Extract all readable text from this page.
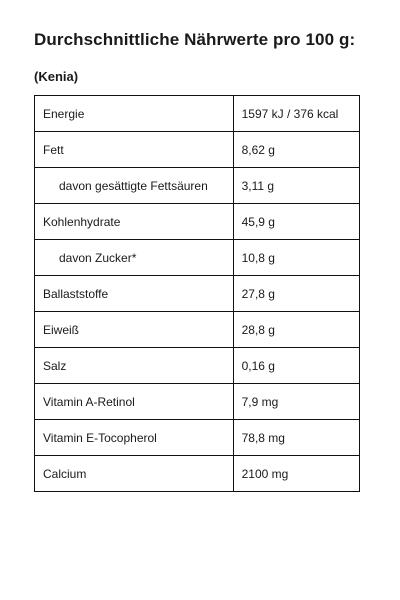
Durchschnittliche Nährwerte pro 100 g:
(Kenia)
Energie	1597 kJ / 376 kcal
Fett	8,62 g
davon gesättigte Fettsäuren	3,11 g
Kohlenhydrate	45,9 g
davon Zucker*	10,8 g
Ballaststoffe	27,8 g
Eiweiß	28,8 g
Salz	0,16 g
Vitamin A-Retinol	7,9 mg
Vitamin E-Tocopherol	78,8 mg
Calcium	2100 mg
